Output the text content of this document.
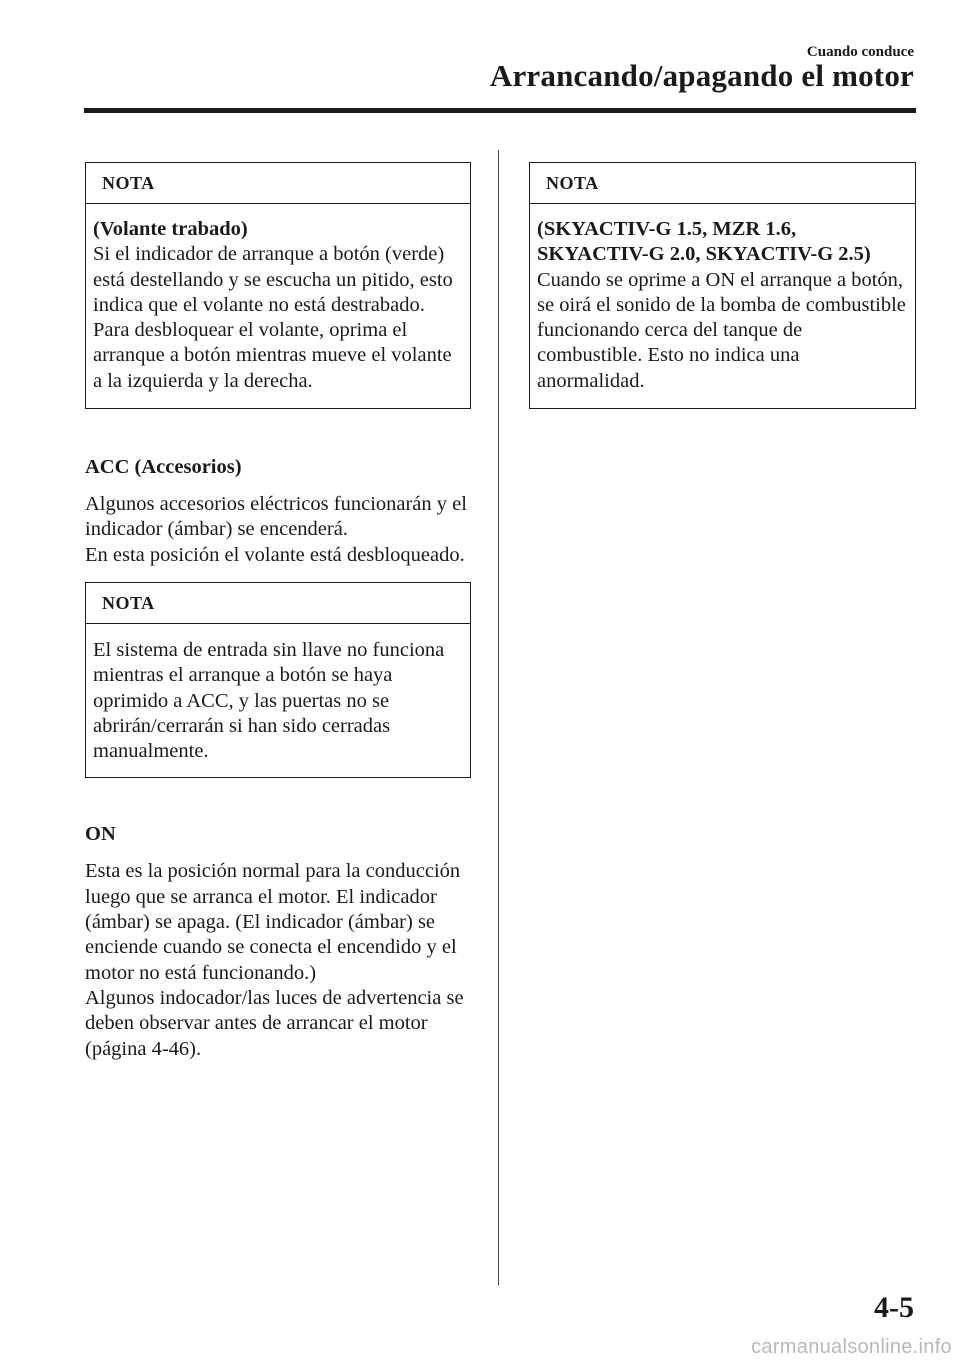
Cuando conduce
Arrancando/apagando el motor
NOTA
(Volante trabado)

Si el indicador de arranque a botón (verde) está destellando y se escucha un pitido, esto indica que el volante no está destrabado. Para desbloquear el volante, oprima el arranque a botón mientras mueve el volante a la izquierda y la derecha.

ACC (Accesorios)

Algunos accesorios eléctricos funcionarán y el indicador (ámbar) se encenderá.

En esta posición el volante está desbloqueado.

NOTA

El sistema de entrada sin llave no funciona mientras el arranque a botón se haya oprimido a ACC, y las puertas no se abrirán/cerrarán si han sido cerradas manualmente.

ON

Esta es la posición normal para la conducción luego que se arranca el motor. El indicador (ámbar) se apaga. (El indicador (ámbar) se enciende cuando se conecta el encendido y el motor no está funcionando.)

Algunos indocador/las luces de advertencia se deben observar antes de arrancar el motor (página 4-46).

NOTA
(SKYACTIV-G 1.5, MZR 1.6, SKYACTIV-G 2.0, SKYACTIV-G 2.5)

Cuando se oprime a ON el arranque a botón, se oirá el sonido de la bomba de combustible funcionando cerca del tanque de combustible. Esto no indica una anormalidad.

4-5
carmanualsonline.info
